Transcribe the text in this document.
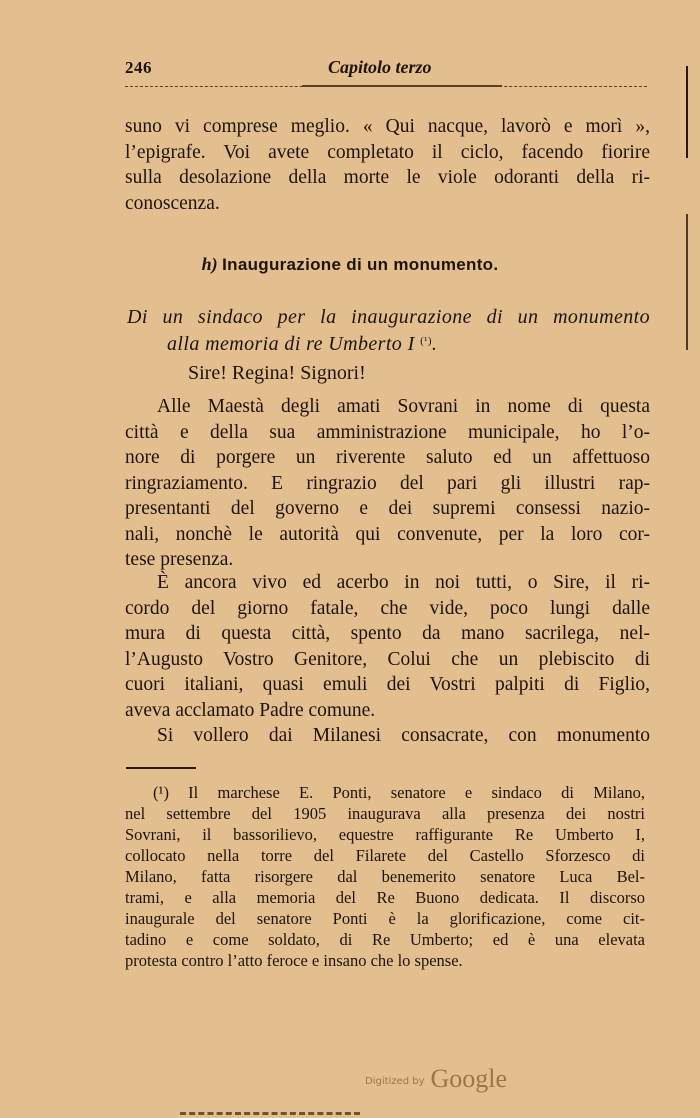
246	Capitolo terzo
suno vi comprese meglio. « Qui nacque, lavorò e morì »,
l’epigrafe. Voi avete completato il ciclo, facendo fiorire
sulla desolazione della morte le viole odoranti della ri-
conoscenza.
h) Inaugurazione di un monumento.
Di un sindaco per la inaugurazione di un monumento
alla memoria di re Umberto I $^{(^1)}$.
Sire! Regina! Signori!
Alle Maestà degli amati Sovrani in nome di questa
città e della sua amministrazione municipale, ho l’o-
nore di porgere un riverente saluto ed un affettuoso
ringraziamento. E ringrazio del pari gli illustri rap-
presentanti del governo e dei supremi consessi nazio-
nali, nonchè le autorità qui convenute, per la loro cor-
tese presenza.
È ancora vivo ed acerbo in noi tutti, o Sire, il ri-
cordo del giorno fatale, che vide, poco lungi dalle
mura di questa città, spento da mano sacrilega, nel-
l’Augusto Vostro Genitore, Colui che un plebiscito di
cuori italiani, quasi emuli dei Vostri palpiti di Figlio,
aveva acclamato Padre comune.
Si vollero dai Milanesi consacrate, con monumento
(¹) Il marchese E. Ponti, senatore e sindaco di Milano,
nel settembre del 1905 inaugurava alla presenza dei nostri
Sovrani, il bassorilievo, equestre raffigurante Re Umberto I,
collocato nella torre del Filarete del Castello Sforzesco di
Milano, fatta risorgere dal benemerito senatore Luca Bel-
trami, e alla memoria del Re Buono dedicata. Il discorso
inaugurale del senatore Ponti è la glorificazione, come cit-
tadino e come soldato, di Re Umberto; ed è una elevata
protesta contro l’atto feroce e insano che lo spense.
Digitized by Google
